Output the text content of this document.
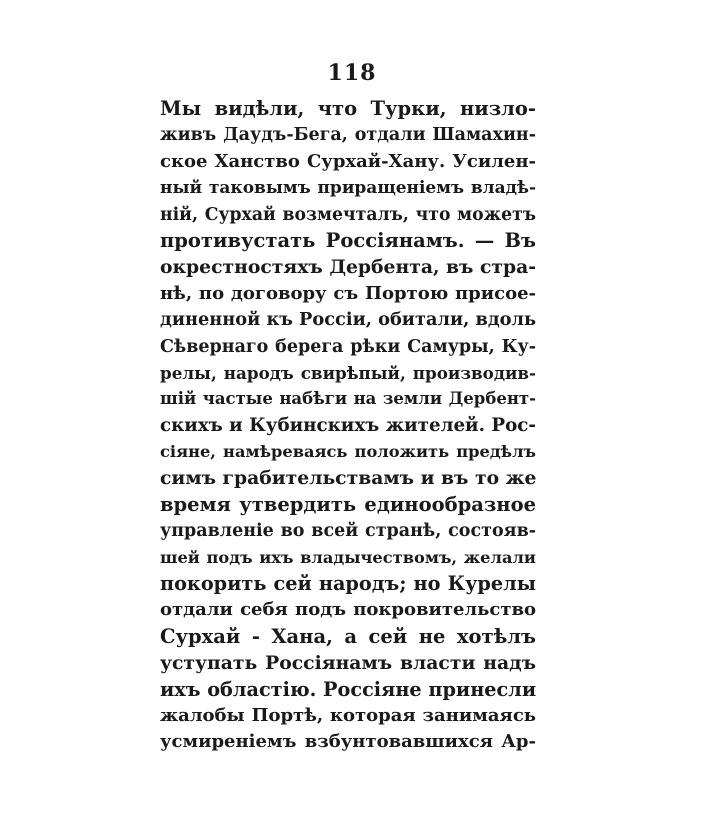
118
Мы видѣли, что Турки, низло-
живъ Даудъ-Бега, отдали Шамахин-
ское Ханство Сурхай-Хану. Усилен-
ный таковымъ приращеніемъ владѣ-
ній, Сурхай возмечталъ, что можетъ
противустать Россіянамъ. — Въ
окрестностяхъ Дербента, въ стра-
нѣ, по договору съ Портою присое-
диненной къ Россіи, обитали, вдоль
Сѣвернаго берега рѣки Самуры, Ку-
релы, народъ свирѣпый, производив-
шій частые набѣги на земли Дербент-
скихъ и Кубинскихъ жителей. Рос-
сіяне, намѣреваясь положить предѣлъ
симъ грабительствамъ и въ то же
время утвердить единообразное
управленіе во всей странѣ, состояв-
шей подъ ихъ владычествомъ, желали
покорить сей народъ; но Курелы
отдали себя подъ покровительство
Сурхай - Хана, а сей не хотѣлъ
уступать Россіянамъ власти надъ
ихъ областію. Россіяне принесли
жалобы Портѣ, которая занимаясь
усмиреніемъ взбунтовавшихся Ар-
